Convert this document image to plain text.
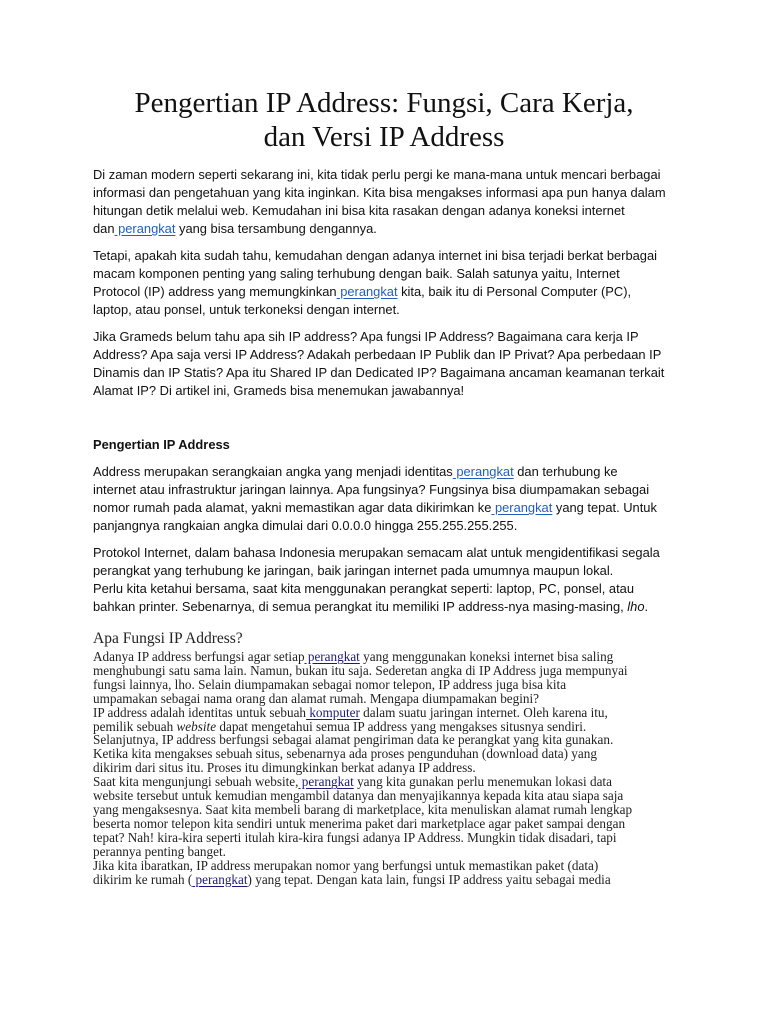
Pengertian IP Address: Fungsi, Cara Kerja,
dan Versi IP Address
Di zaman modern seperti sekarang ini, kita tidak perlu pergi ke mana-mana untuk mencari berbagai
informasi dan pengetahuan yang kita inginkan. Kita bisa mengakses informasi apa pun hanya dalam
hitungan detik melalui web. Kemudahan ini bisa kita rasakan dengan adanya koneksi internet
dan perangkat yang bisa tersambung dengannya.
Tetapi, apakah kita sudah tahu, kemudahan dengan adanya internet ini bisa terjadi berkat berbagai
macam komponen penting yang saling terhubung dengan baik. Salah satunya yaitu, Internet
Protocol (IP) address yang memungkinkan perangkat kita, baik itu di Personal Computer (PC),
laptop, atau ponsel, untuk terkoneksi dengan internet.
Jika Grameds belum tahu apa sih IP address? Apa fungsi IP Address? Bagaimana cara kerja IP
Address? Apa saja versi IP Address? Adakah perbedaan IP Publik dan IP Privat? Apa perbedaan IP
Dinamis dan IP Statis? Apa itu Shared IP dan Dedicated IP? Bagaimana ancaman keamanan terkait
Alamat IP? Di artikel ini, Grameds bisa menemukan jawabannya!
Pengertian IP Address
Address merupakan serangkaian angka yang menjadi identitas perangkat dan terhubung ke
internet atau infrastruktur jaringan lainnya. Apa fungsinya? Fungsinya bisa diumpamakan sebagai
nomor rumah pada alamat, yakni memastikan agar data dikirimkan ke perangkat yang tepat. Untuk
panjangnya rangkaian angka dimulai dari 0.0.0.0 hingga 255.255.255.255.
Protokol Internet, dalam bahasa Indonesia merupakan semacam alat untuk mengidentifikasi segala
perangkat yang terhubung ke jaringan, baik jaringan internet pada umumnya maupun lokal.
Perlu kita ketahui bersama, saat kita menggunakan perangkat seperti: laptop, PC, ponsel, atau
bahkan printer. Sebenarnya, di semua perangkat itu memiliki IP address-nya masing-masing, lho.
Apa Fungsi IP Address?
Adanya IP address berfungsi agar setiap perangkat yang menggunakan koneksi internet bisa saling
menghubungi satu sama lain. Namun, bukan itu saja. Sederetan angka di IP Address juga mempunyai
fungsi lainnya, lho. Selain diumpamakan sebagai nomor telepon, IP address juga bisa kita
umpamakan sebagai nama orang dan alamat rumah. Mengapa diumpamakan begini?
IP address adalah identitas untuk sebuah komputer dalam suatu jaringan internet. Oleh karena itu,
pemilik sebuah website dapat mengetahui semua IP address yang mengakses situsnya sendiri.
Selanjutnya, IP address berfungsi sebagai alamat pengiriman data ke perangkat yang kita gunakan.
Ketika kita mengakses sebuah situs, sebenarnya ada proses pengunduhan (download data) yang
dikirim dari situs itu. Proses itu dimungkinkan berkat adanya IP address.
Saat kita mengunjungi sebuah website, perangkat yang kita gunakan perlu menemukan lokasi data
website tersebut untuk kemudian mengambil datanya dan menyajikannya kepada kita atau siapa saja
yang mengaksesnya. Saat kita membeli barang di marketplace, kita menuliskan alamat rumah lengkap
beserta nomor telepon kita sendiri untuk menerima paket dari marketplace agar paket sampai dengan
tepat? Nah! kira-kira seperti itulah kira-kira fungsi adanya IP Address. Mungkin tidak disadari, tapi
perannya penting banget.
Jika kita ibaratkan, IP address merupakan nomor yang berfungsi untuk memastikan paket (data)
dikirim ke rumah ( perangkat) yang tepat. Dengan kata lain, fungsi IP address yaitu sebagai media
